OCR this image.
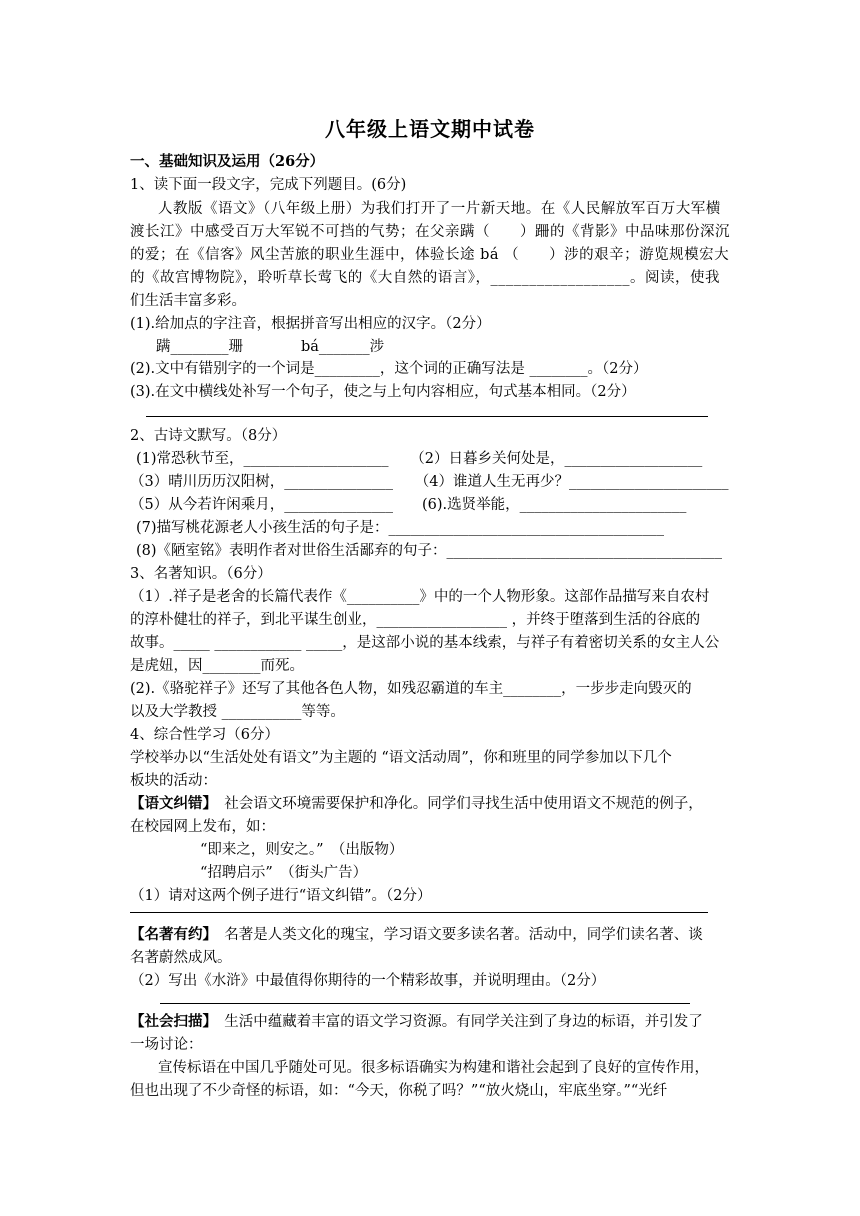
八年级上语文期中试卷
一、基础知识及运用（26分）
1、读下面一段文字，完成下列题目。(6分)
人教版《语文》（八年级上册）为我们打开了一片新天地。在《人民解放军百万大军横
渡长江》中感受百万大军锐不可挡的气势；在父亲蹒（　　）跚的《背影》中品味那份深沉
的爱；在《信客》风尘苦旅的职业生涯中，体验长途 bá （　　）涉的艰辛；游览规模宏大
的《故宫博物院》，聆听草长莺飞的《大自然的语言》，__________________。阅读，使我
们生活丰富多彩。
(1).给加点的字注音，根据拼音写出相应的汉字。（2分）
蹒________珊　　　　bá_______涉
(2).文中有错别字的一个词是_________，这个词的正确写法是 ________。（2分）
(3).在文中横线处补写一个句子，使之与上句内容相应，句式基本相同。（2分）
2、古诗文默写。（8分）
(1)常恐秋节至，____________________　　（2）日暮乡关何处是，___________________
（3）晴川历历汉阳树，_______________　　（4）谁道人生无再少？______________________
（5）从今若许闲乘月，_______________　　(6).选贤举能，_______________________
(7)描写桃花源老人小孩生活的句子是：______________________________________
(8)《陋室铭》表明作者对世俗生活鄙弃的句子：______________________________________
3、名著知识。（6分）
（1）.祥子是老舍的长篇代表作《__________》中的一个人物形象。这部作品描写来自农村
的淳朴健壮的祥子，到北平谋生创业，__________________ ，并终于堕落到生活的谷底的
故事。_____ ____________ _____，是这部小说的基本线索，与祥子有着密切关系的女主人公
是虎妞，因________而死。
(2).《骆驼祥子》还写了其他各色人物，如残忍霸道的车主________，一步步走向毁灭的
以及大学教授 ___________等等。
4、综合性学习（6分）
学校举办以“生活处处有语文”为主题的 “语文活动周”，你和班里的同学参加以下几个
板块的活动：
【语文纠错】　社会语文环境需要保护和净化。同学们寻找生活中使用语文不规范的例子，
在校园网上发布，如：
“即来之，则安之。”　（出版物）
“招聘启示”　（街头广告）
（1）请对这两个例子进行“语文纠错”。（2分）
【名著有约】　名著是人类文化的瑰宝，学习语文要多读名著。活动中，同学们读名著、谈
名著蔚然成风。
（2）写出《水浒》中最值得你期待的一个精彩故事，并说明理由。（2分）
【社会扫描】　生活中蕴藏着丰富的语文学习资源。有同学关注到了身边的标语，并引发了
一场讨论：
宣传标语在中国几乎随处可见。很多标语确实为构建和谐社会起到了良好的宣传作用，
但也出现了不少奇怪的标语，如：“今天，你税了吗？”“放火烧山，牢底坐穿。”“光纤
